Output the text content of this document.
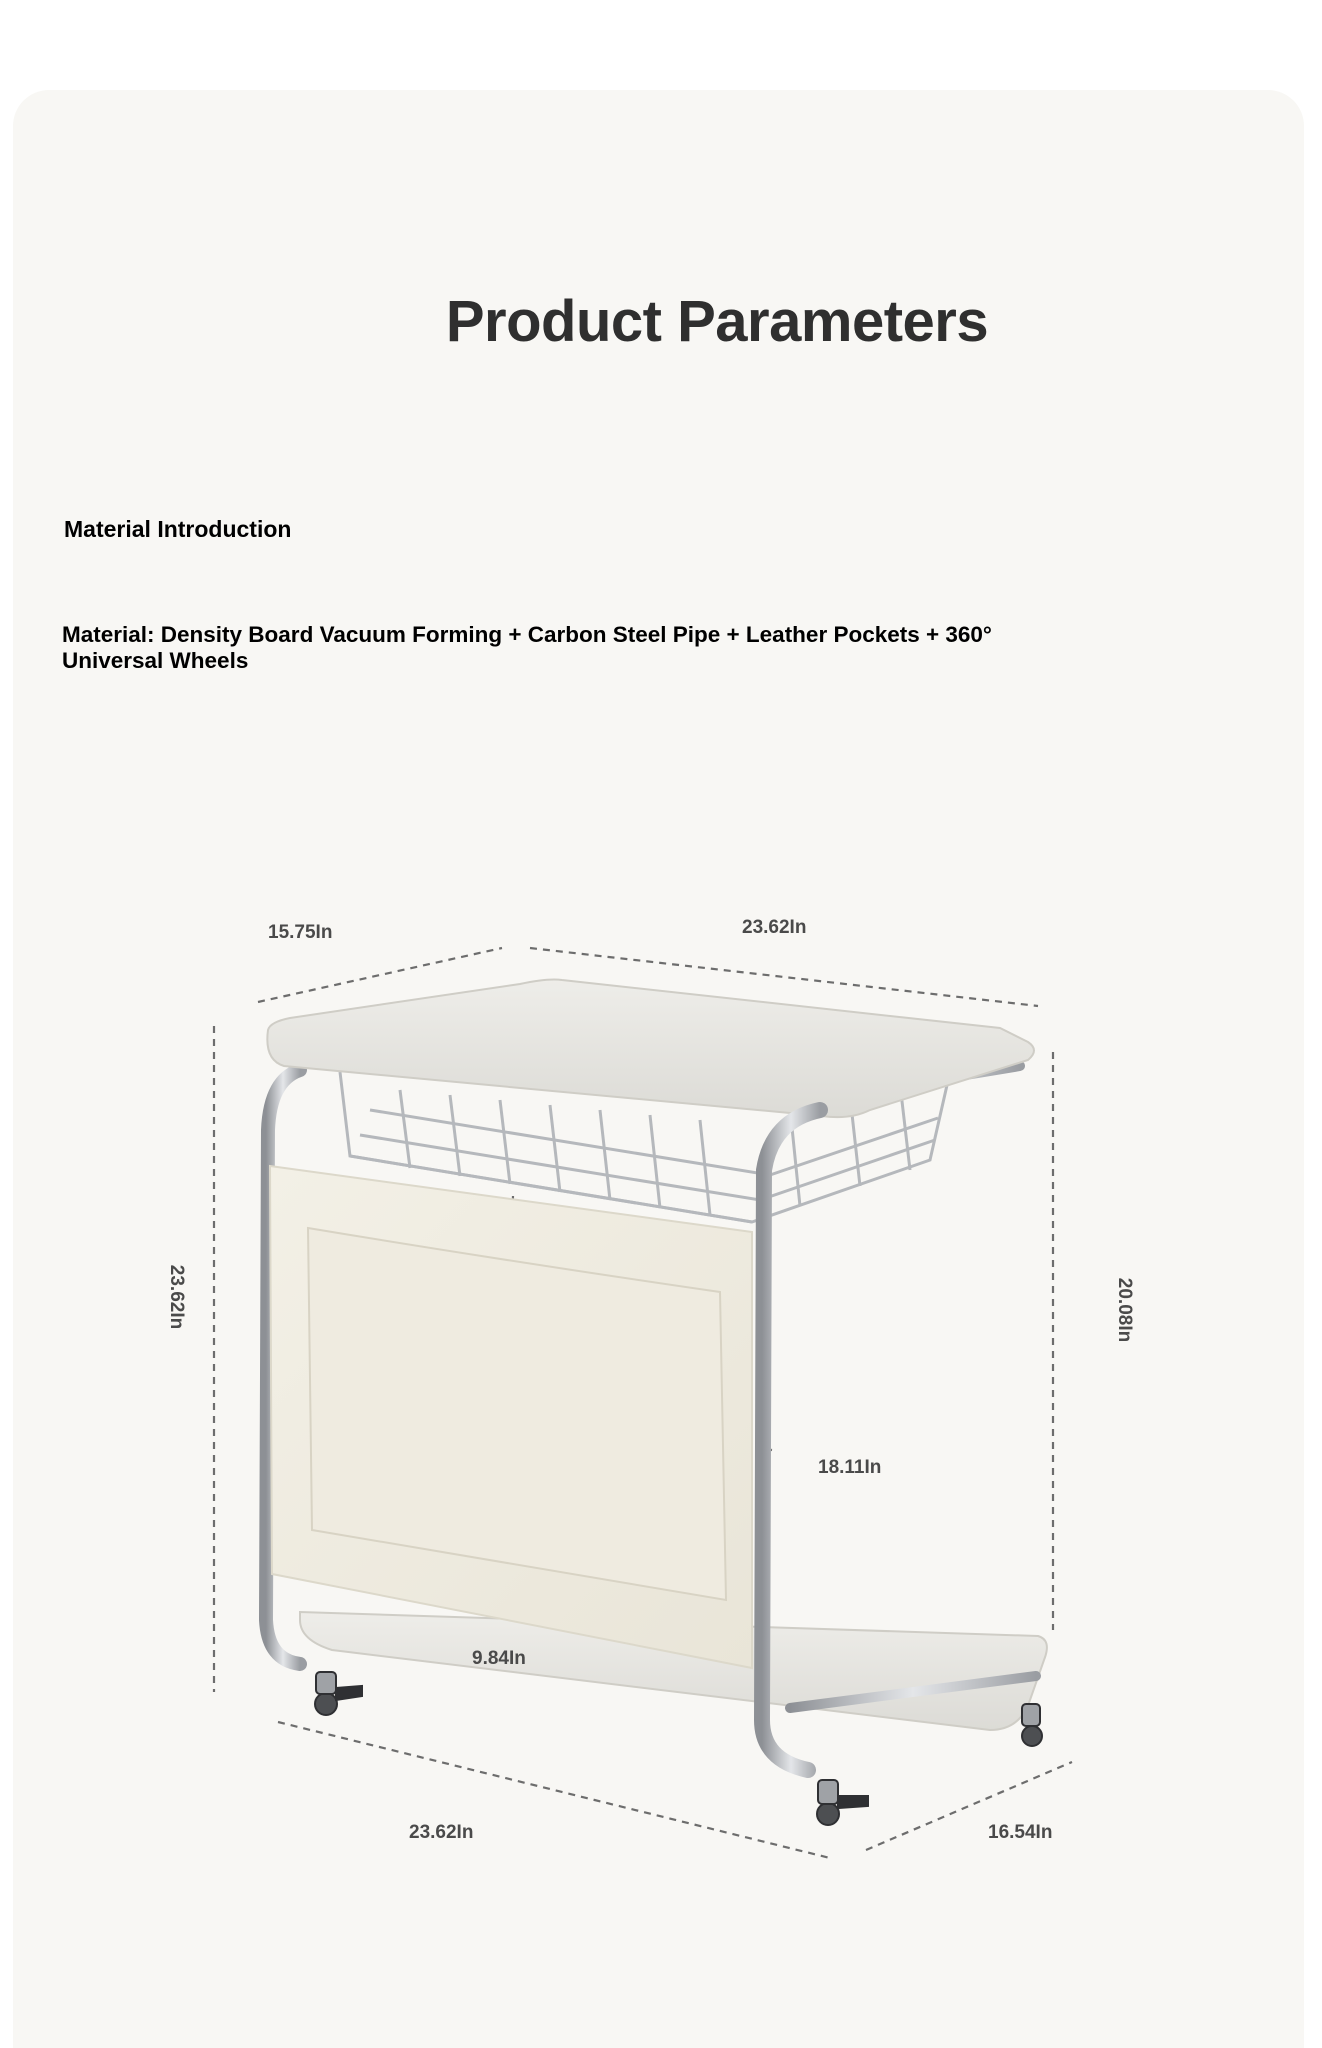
Product Parameters
Material Introduction
Material: Density Board Vacuum Forming + Carbon Steel Pipe + Leather Pockets + 360° Universal Wheels
15.75In	23.62In
23.62In	20.08In
18.11In
9.84In
23.62In	16.54In
